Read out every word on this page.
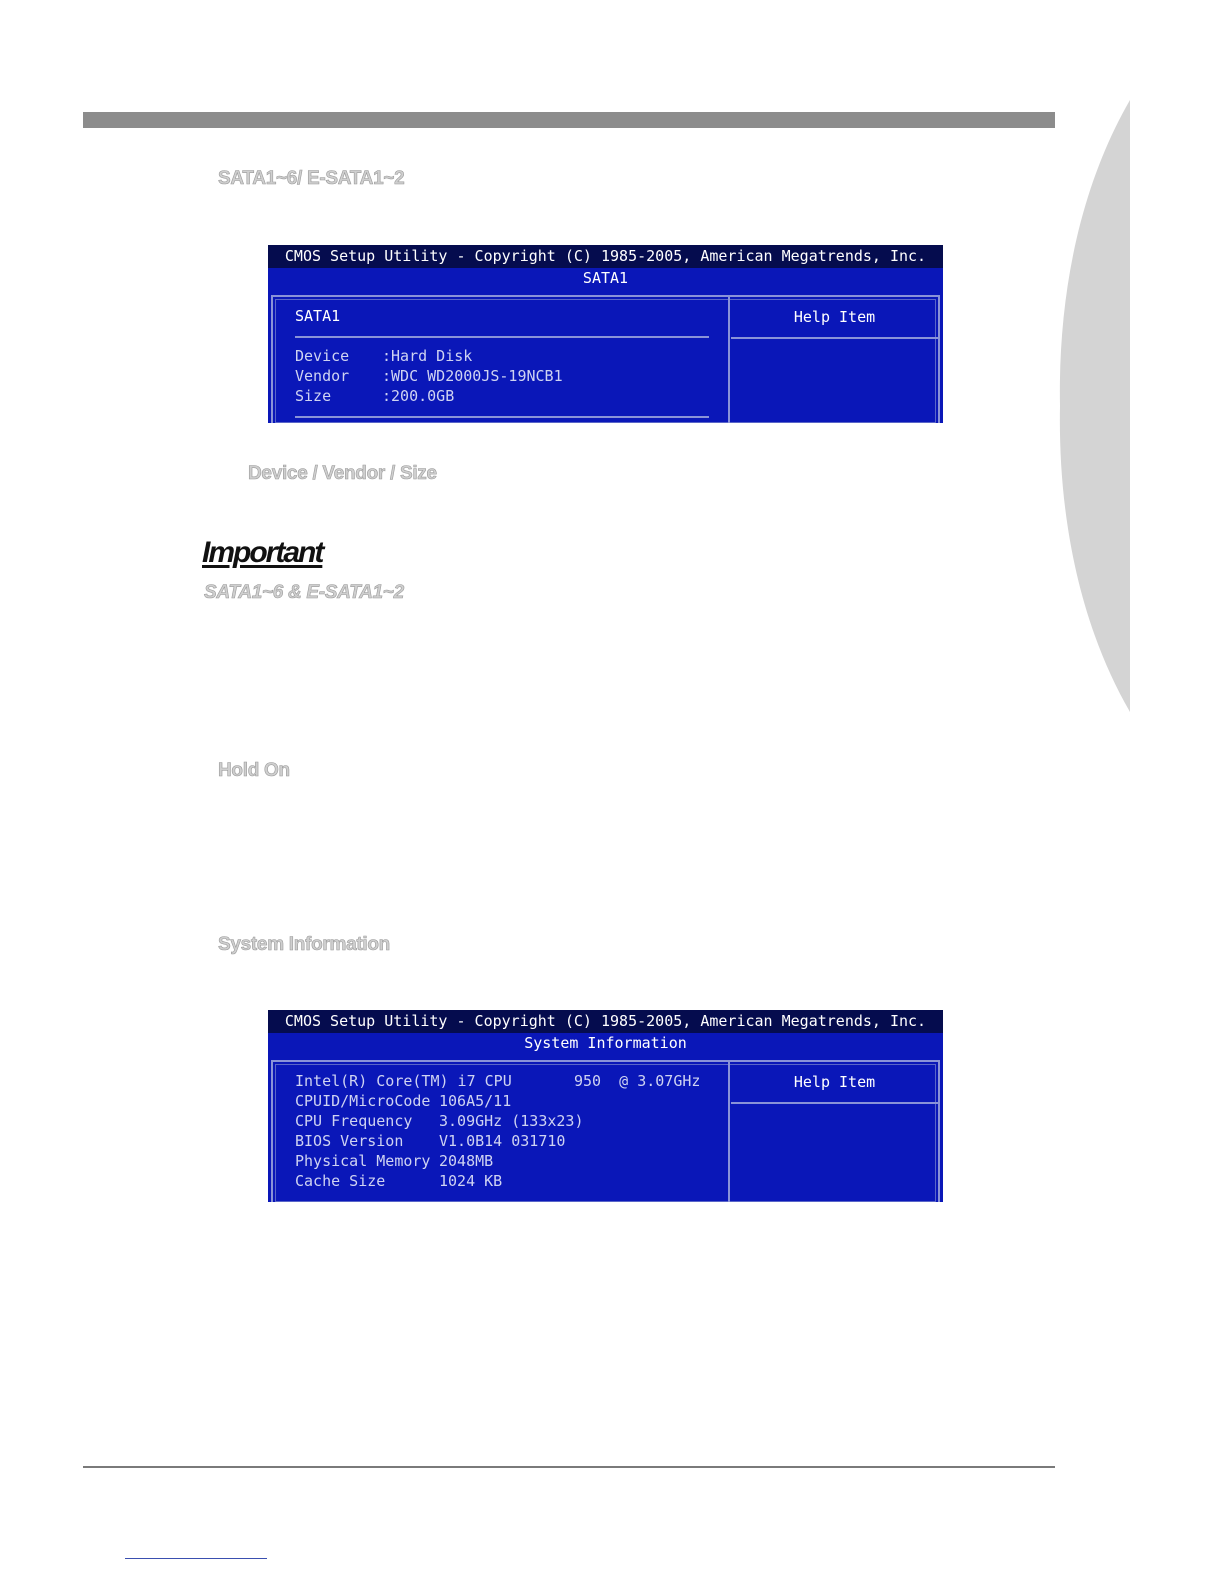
SATA1~6/ E-SATA1~2
CMOS Setup Utility - Copyright (C) 1985-2005, American Megatrends, Inc.
SATA1
SATA1
Device :Hard Disk
Vendor :WDC WD2000JS-19NCB1
Size	:200.0GB
Help Item
Device / Vendor / Size
Important
SATA1~6 & E-SATA1~2
Hold On
System Information
CMOS Setup Utility - Copyright (C) 1985-2005, American Megatrends, Inc.
System Information
Intel(R) Core(TM) i7 CPU	950  @ 3.07GHz
CPUID/MicroCode 106A5/11
CPU Frequency 3.09GHz (133x23)
BIOS Version V1.0B14 031710
Physical Memory 2048MB
Cache Size	1024 KB
Help Item
